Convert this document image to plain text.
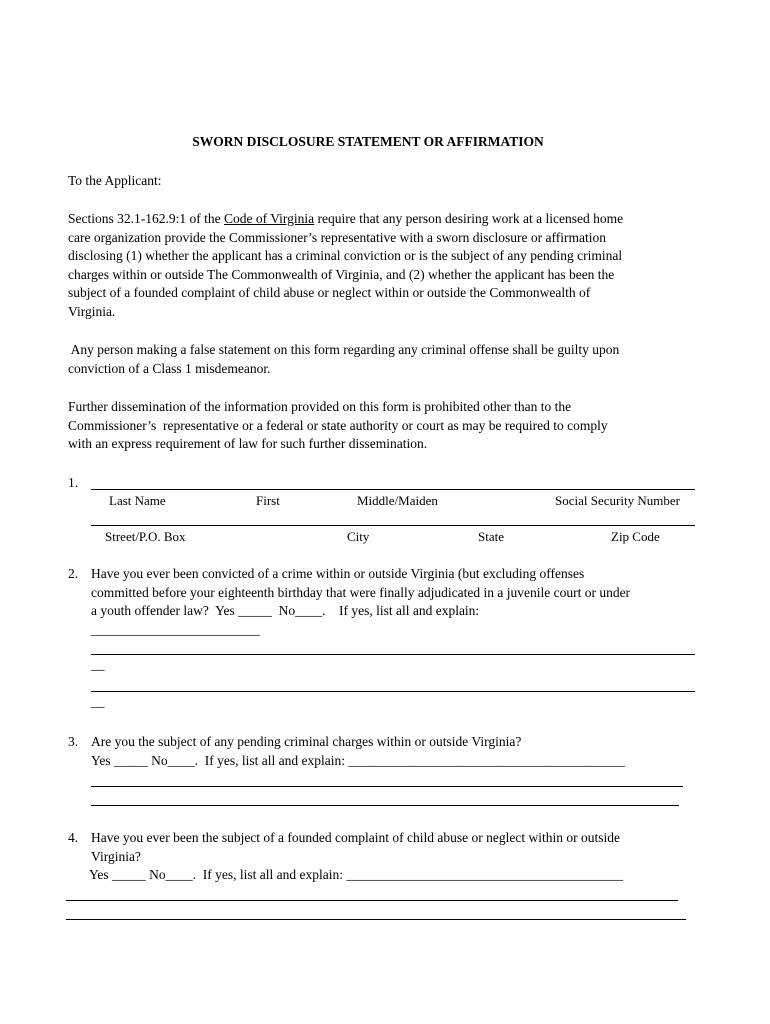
SWORN DISCLOSURE STATEMENT OR AFFIRMATION
To the Applicant:
Sections 32.1-162.9:1 of the Code of Virginia require that any person desiring work at a licensed home
care organization provide the Commissioner’s representative with a sworn disclosure or affirmation
disclosing (1) whether the applicant has a criminal conviction or is the subject of any pending criminal
charges within or outside The Commonwealth of Virginia, and (2) whether the applicant has been the
subject of a founded complaint of child abuse or neglect within or outside the Commonwealth of
Virginia.
Any person making a false statement on this form regarding any criminal offense shall be guilty upon
conviction of a Class 1 misdemeanor.
Further dissemination of the information provided on this form is prohibited other than to the
Commissioner’s  representative or a federal or state authority or court as may be required to comply
with an express requirement of law for such further dissemination.
1.
Last Name	First	Middle/Maiden	Social Security Number
Street/P.O. Box	City	State	Zip Code
2. Have you ever been convicted of a crime within or outside Virginia (but excluding offenses
committed before your eighteenth birthday that were finally adjudicated in a juvenile court or under
a youth offender law?  Yes _____  No____.    If yes, list all and explain:
_________________________
__
__
3. Are you the subject of any pending criminal charges within or outside Virginia?
Yes _____ No____.  If yes, list all and explain: _________________________________________
4. Have you ever been the subject of a founded complaint of child abuse or neglect within or outside
Virginia?
Yes _____ No____.  If yes, list all and explain: _________________________________________
